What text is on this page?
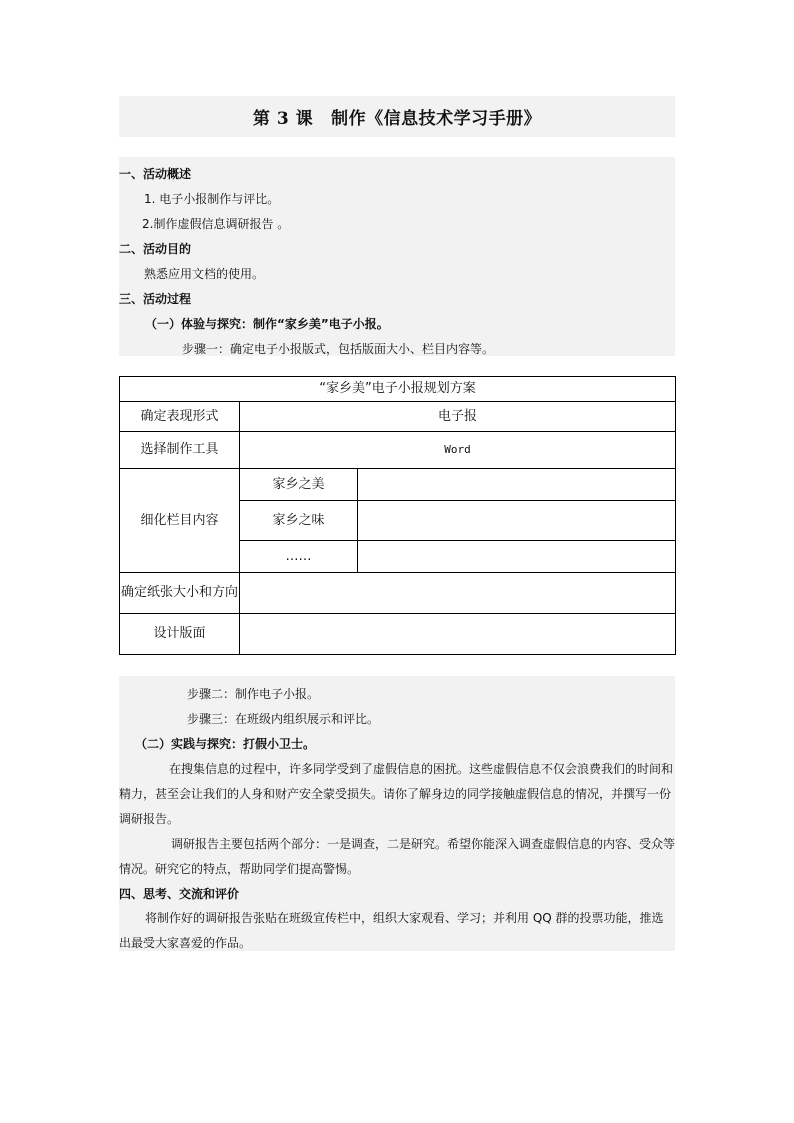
第 3 课 制作《信息技术学习手册》
一、活动概述
1. 电子小报制作与评比。
2.制作虚假信息调研报告 。
二、活动目的
熟悉应用文档的使用。
三、活动过程
（一）体验与探究：制作“家乡美”电子小报。
步骤一：确定电子小报版式，包括版面大小、栏目内容等。
“家乡美”电子小报规划方案		
确定表现形式	电子报	
选择制作工具	Word	
细化栏目内容	家乡之美	
	家乡之味	
	……	
确定纸张大小和方向		
设计版面		
步骤二：制作电子小报。
步骤三：在班级内组织展示和评比。
（二）实践与探究：打假小卫士。
在搜集信息的过程中，许多同学受到了虚假信息的困扰。这些虚假信息不仅会浪费我们的时间和精力，甚至会让我们的人身和财产安全蒙受损失。请你了解身边的同学接触虚假信息的情况，并撰写一份调研报告。
调研报告主要包括两个部分：一是调查，二是研究。希望你能深入调查虚假信息的内容、受众等情况。研究它的特点，帮助同学们提高警惕。
四、思考、交流和评价
将制作好的调研报告张贴在班级宣传栏中，组织大家观看、学习；并利用 QQ 群的投票功能，推选出最受大家喜爱的作品。
